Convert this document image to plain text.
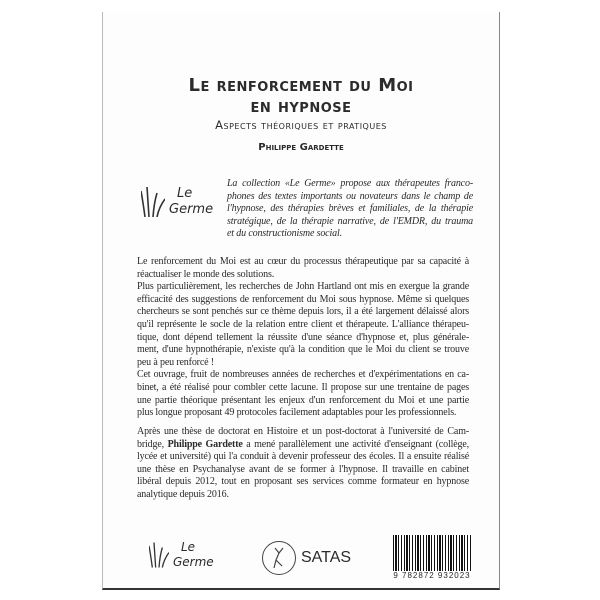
Le renforcement du Moi
en hypnose
Aspects théoriques et pratiques
Philippe Gardette
Le
Germe
La collection «Le Germe» propose aux thérapeutes franco-
phones des textes importants ou novateurs dans le champ de
l'hypnose, des thérapies brèves et familiales, de la thérapie
stratégique, de la thérapie narrative, de l'EMDR, du trauma
et du constructionisme social.
Le renforcement du Moi est au cœur du processus thérapeutique par sa capacité à
réactualiser le monde des solutions.
Plus particulièrement, les recherches de John Hartland ont mis en exergue la grande
efficacité des suggestions de renforcement du Moi sous hypnose. Même si quelques
chercheurs se sont penchés sur ce thème depuis lors, il a été largement délaissé alors
qu'il représente le socle de la relation entre client et thérapeute. L'alliance thérapeu-
tique, dont dépend tellement la réussite d'une séance d'hypnose et, plus générale-
ment, d'une hypnothérapie, n'existe qu'à la condition que le Moi du client se trouve
peu à peu renforcé !
Cet ouvrage, fruit de nombreuses années de recherches et d'expérimentations en ca-
binet, a été réalisé pour combler cette lacune. Il propose sur une trentaine de pages
une partie théorique présentant les enjeux d'un renforcement du Moi et une partie
plus longue proposant 49 protocoles facilement adaptables pour les professionnels.
Après une thèse de doctorat en Histoire et un post-doctorat à l'université de Cam-
bridge, Philippe Gardette a mené parallèlement une activité d'enseignant (collège,
lycée et université) qui l'a conduit à devenir professeur des écoles. Il a ensuite réalisé
une thèse en Psychanalyse avant de se former à l'hypnose. Il travaille en cabinet
libéral depuis 2012, tout en proposant ses services comme formateur en hypnose
analytique depuis 2016.
Le
Germe	SATAS
9 782872 932023
